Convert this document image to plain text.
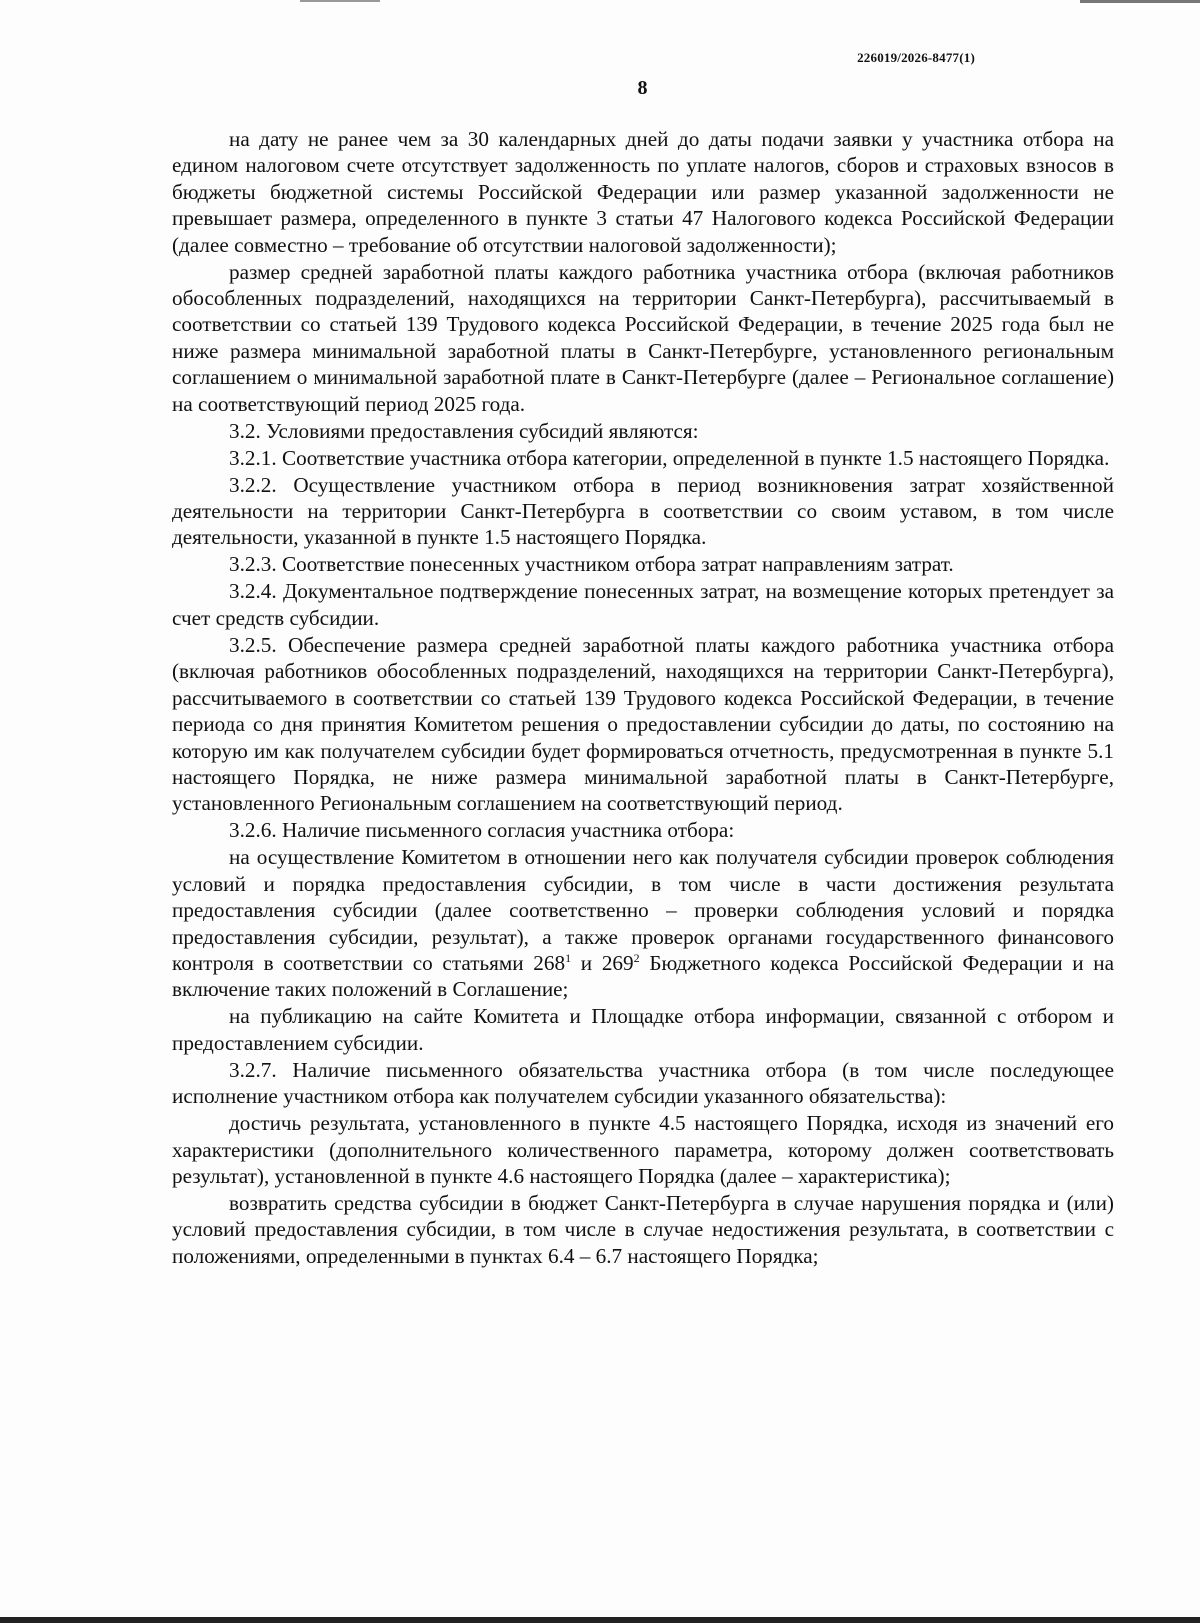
226019/2026-8477(1)
8

на дату не ранее чем за 30 календарных дней до даты подачи заявки у участника отбора на едином налоговом счете отсутствует задолженность по уплате налогов, сборов и страховых взносов в бюджеты бюджетной системы Российской Федерации или размер указанной задолженности не превышает размера, определенного в пункте 3 статьи 47 Налогового кодекса Российской Федерации (далее совместно – требование об отсутствии налоговой задолженности);

размер средней заработной платы каждого работника участника отбора (включая работников обособленных подразделений, находящихся на территории Санкт-Петербурга), рассчитываемый в соответствии со статьей 139 Трудового кодекса Российской Федерации, в течение 2025 года был не ниже размера минимальной заработной платы в Санкт-Петербурге, установленного региональным соглашением о минимальной заработной плате в Санкт-Петербурге (далее – Региональное соглашение) на соответствующий период 2025 года.

3.2. Условиями предоставления субсидий являются:

3.2.1. Соответствие участника отбора категории, определенной в пункте 1.5 настоящего Порядка.

3.2.2. Осуществление участником отбора в период возникновения затрат хозяйственной деятельности на территории Санкт-Петербурга в соответствии со своим уставом, в том числе деятельности, указанной в пункте 1.5 настоящего Порядка.

3.2.3. Соответствие понесенных участником отбора затрат направлениям затрат.

3.2.4. Документальное подтверждение понесенных затрат, на возмещение которых претендует за счет средств субсидии.

3.2.5. Обеспечение размера средней заработной платы каждого работника участника отбора (включая работников обособленных подразделений, находящихся на территории Санкт-Петербурга), рассчитываемого в соответствии со статьей 139 Трудового кодекса Российской Федерации, в течение периода со дня принятия Комитетом решения о предоставлении субсидии до даты, по состоянию на которую им как получателем субсидии будет формироваться отчетность, предусмотренная в пункте 5.1 настоящего Порядка, не ниже размера минимальной заработной платы в Санкт-Петербурге, установленного Региональным соглашением на соответствующий период.

3.2.6. Наличие письменного согласия участника отбора:

на осуществление Комитетом в отношении него как получателя субсидии проверок соблюдения условий и порядка предоставления субсидии, в том числе в части достижения результата предоставления субсидии (далее соответственно – проверки соблюдения условий и порядка предоставления субсидии, результат), а также проверок органами государственного финансового контроля в соответствии со статьями $268^1$ и $269^2$ Бюджетного кодекса Российской Федерации и на включение таких положений в Соглашение;

на публикацию на сайте Комитета и Площадке отбора информации, связанной с отбором и предоставлением субсидии.

3.2.7. Наличие письменного обязательства участника отбора (в том числе последующее исполнение участником отбора как получателем субсидии указанного обязательства):

достичь результата, установленного в пункте 4.5 настоящего Порядка, исходя из значений его характеристики (дополнительного количественного параметра, которому должен соответствовать результат), установленной в пункте 4.6 настоящего Порядка (далее – характеристика);

возвратить средства субсидии в бюджет Санкт-Петербурга в случае нарушения порядка и (или) условий предоставления субсидии, в том числе в случае недостижения результата, в соответствии с положениями, определенными в пунктах 6.4 – 6.7 настоящего Порядка;
